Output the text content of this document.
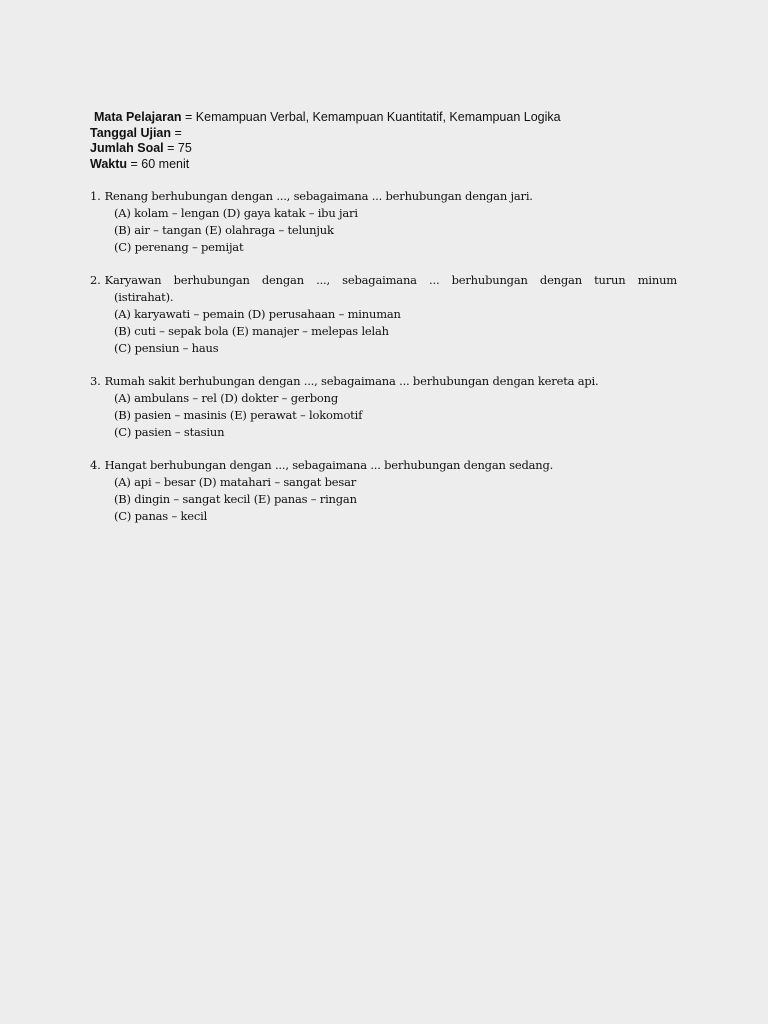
Mata Pelajaran = Kemampuan Verbal, Kemampuan Kuantitatif, Kemampuan Logika
Tanggal Ujian =
Jumlah Soal = 75
Waktu = 60 menit
1. Renang berhubungan dengan ..., sebagaimana ... berhubungan dengan jari.
(A) kolam – lengan (D) gaya katak – ibu jari
(B) air – tangan (E) olahraga – telunjuk
(C) perenang – pemijat
2. Karyawan berhubungan dengan ..., sebagaimana ... berhubungan dengan turun minum
(istirahat).
(A) karyawati – pemain (D) perusahaan – minuman
(B) cuti – sepak bola (E) manajer – melepas lelah
(C) pensiun – haus
3. Rumah sakit berhubungan dengan ..., sebagaimana ... berhubungan dengan kereta api.
(A) ambulans – rel (D) dokter – gerbong
(B) pasien – masinis (E) perawat – lokomotif
(C) pasien – stasiun
4. Hangat berhubungan dengan ..., sebagaimana ... berhubungan dengan sedang.
(A) api – besar (D) matahari – sangat besar
(B) dingin – sangat kecil (E) panas – ringan
(C) panas – kecil
